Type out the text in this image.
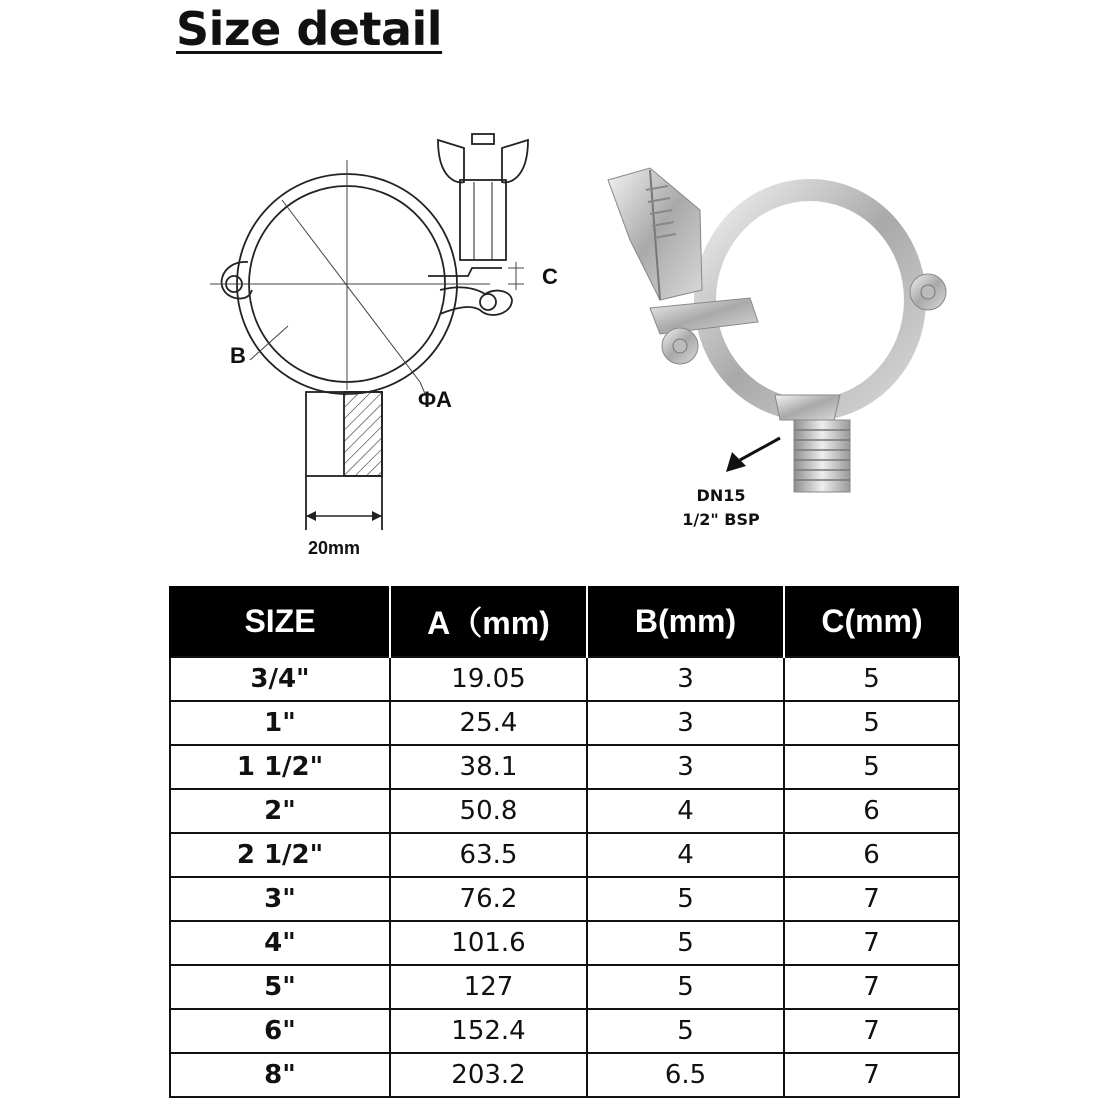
Size detail
C
B
ΦA
20mm
DN15
1/2" BSP
SIZE	A（mm)	B(mm)	C(mm)
3/4"	19.05	3	5
1"	25.4	3	5
1 1/2"	38.1	3	5
2"	50.8	4	6
2 1/2"	63.5	4	6
3"	76.2	5	7
4"	101.6	5	7
5"	127	5	7
6"	152.4	5	7
8"	203.2	6.5	7
